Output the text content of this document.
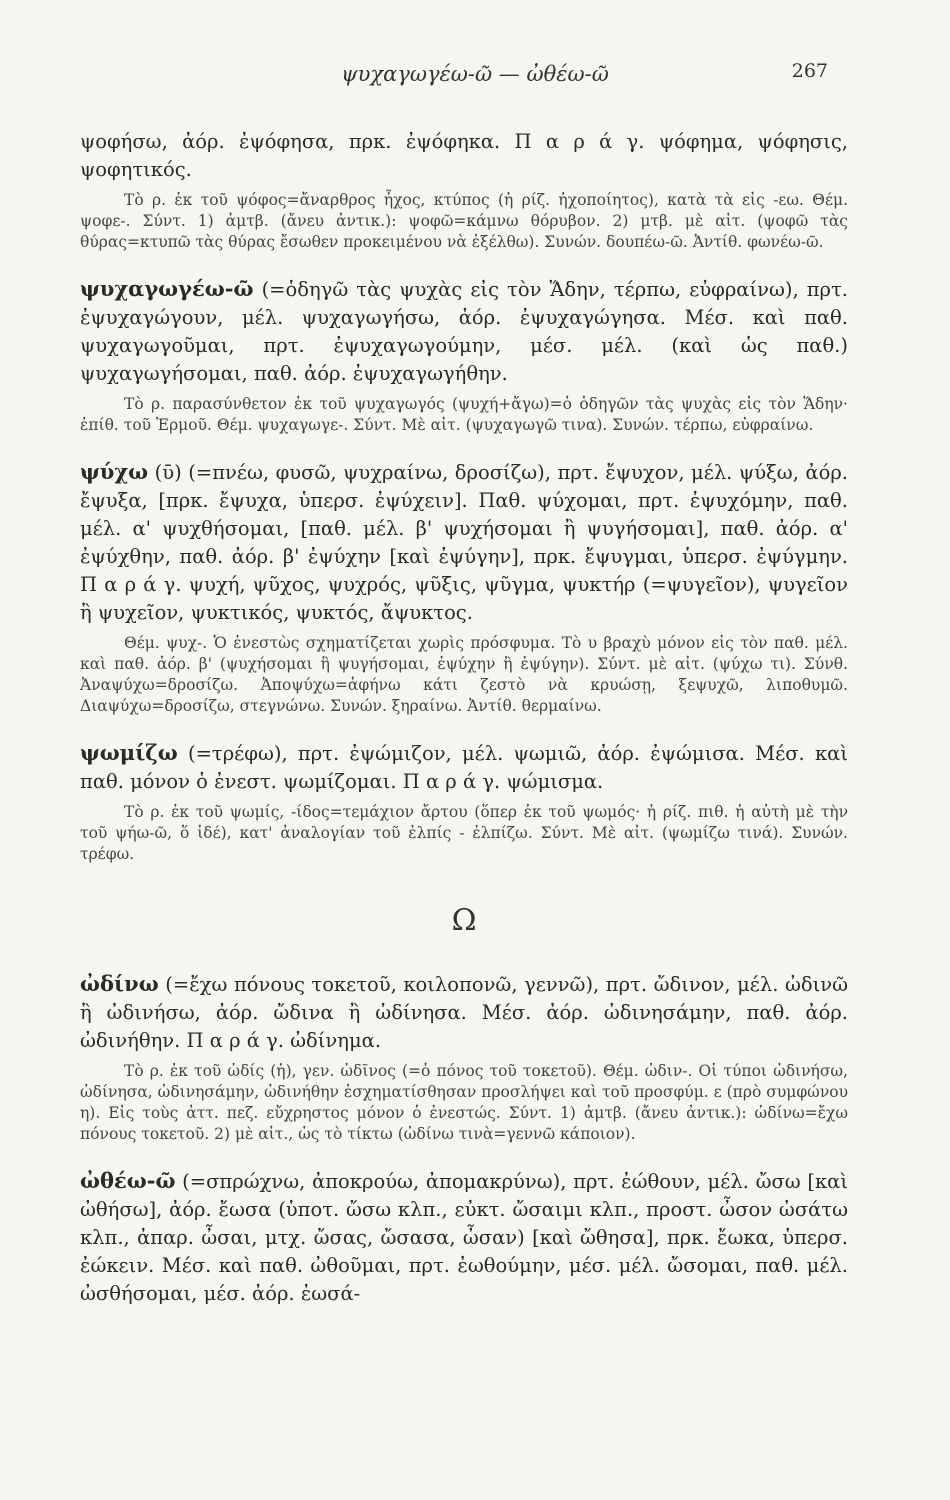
ψυχαγωγέω-ῶ — ὠθέω-ῶ	267

ψοφήσω, ἀόρ. ἐψόφησα, πρκ. ἐψόφηκα. Π α ρ ά γ. ψόφημα, ψόφησις, ψοφητικός.

Τὸ ρ. ἐκ τοῦ ψόφος=ἄναρθρος ἦχος, κτύπος (ἡ ρίζ. ἠχοποίητος), κατὰ τὰ εἰς -εω. Θέμ. ψοφε-. Σύντ. 1) ἀμτβ. (ἄνευ ἀντικ.): ψοφῶ=κάμνω θόρυβον. 2) μτβ. μὲ αἰτ. (ψοφῶ τὰς θύρας=κτυπῶ τὰς θύρας ἔσωθεν προκειμένου νὰ ἐξέλθω). Συνών. δουπέω-ῶ. Ἀντίθ. φωνέω-ῶ.

ψυχαγωγέω-ῶ (=ὁδηγῶ τὰς ψυχὰς εἰς τὸν Ἅδην, τέρπω, εὐφραίνω), πρτ. ἐψυχαγώγουν, μέλ. ψυχαγωγήσω, ἀόρ. ἐψυχαγώγησα. Μέσ. καὶ παθ. ψυχαγωγοῦμαι, πρτ. ἐψυχαγωγούμην, μέσ. μέλ. (καὶ ὡς παθ.) ψυχαγωγήσομαι, παθ. ἀόρ. ἐψυχαγωγήθην.

Τὸ ρ. παρασύνθετον ἐκ τοῦ ψυχαγωγός (ψυχή+ἄγω)=ὁ ὁδηγῶν τὰς ψυχὰς εἰς τὸν Ἅδην· ἐπίθ. τοῦ Ἑρμοῦ. Θέμ. ψυχαγωγε-. Σύντ. Μὲ αἰτ. (ψυχαγωγῶ τινα). Συνών. τέρπω, εὐφραίνω.

ψύχω (ῡ) (=πνέω, φυσῶ, ψυχραίνω, δροσίζω), πρτ. ἔψυχον, μέλ. ψύξω, ἀόρ. ἔψυξα, [πρκ. ἔψυχα, ὑπερσ. ἐψύχειν]. Παθ. ψύχομαι, πρτ. ἐψυχόμην, παθ. μέλ. α' ψυχθήσομαι, [παθ. μέλ. β' ψυχήσομαι ἢ ψυγήσομαι], παθ. ἀόρ. α' ἐψύχθην, παθ. ἀόρ. β' ἐψύχην [καὶ ἐψύγην], πρκ. ἔψυγμαι, ὑπερσ. ἐψύγμην. Π α ρ ά γ. ψυχή, ψῦχος, ψυχρός, ψῦξις, ψῦγμα, ψυκτήρ (=ψυγεῖον), ψυγεῖον ἢ ψυχεῖον, ψυκτικός, ψυκτός, ἄψυκτος.

Θέμ. ψυχ-. Ὁ ἐνεστὼς σχηματίζεται χωρὶς πρόσφυμα. Τὸ υ βραχὺ μόνον εἰς τὸν παθ. μέλ. καὶ παθ. ἀόρ. β' (ψυχήσομαι ἢ ψυγήσομαι, ἐψύχην ἢ ἐψύγην). Σύντ. μὲ αἰτ. (ψύχω τι). Σύνθ. Ἀναψύχω=δροσίζω. Ἀποψύχω=ἀφήνω κάτι ζεστὸ νὰ κρυώσῃ, ξεψυχῶ, λιποθυμῶ. Διαψύχω=δροσίζω, στεγνώνω. Συνών. ξηραίνω. Ἀντίθ. θερμαίνω.

ψωμίζω (=τρέφω), πρτ. ἐψώμιζον, μέλ. ψωμιῶ, ἀόρ. ἐψώμισα. Μέσ. καὶ παθ. μόνον ὁ ἐνεστ. ψωμίζομαι. Π α ρ ά γ. ψώμισμα.

Τὸ ρ. ἐκ τοῦ ψωμίς, -ίδος=τεμάχιον ἄρτου (ὅπερ ἐκ τοῦ ψωμός· ἡ ρίζ. πιθ. ἡ αὐτὴ μὲ τὴν τοῦ ψήω-ῶ, ὅ ἰδέ), κατ' ἀναλογίαν τοῦ ἐλπίς - ἐλπίζω. Σύντ. Μὲ αἰτ. (ψωμίζω τινά). Συνών. τρέφω.

Ω

ὠδίνω (=ἔχω πόνους τοκετοῦ, κοιλοπονῶ, γεννῶ), πρτ. ὤδινον, μέλ. ὠδινῶ ἢ ὠδινήσω, ἀόρ. ὤδινα ἢ ὠδίνησα. Μέσ. ἀόρ. ὠδινησάμην, παθ. ἀόρ. ὠδινήθην. Π α ρ ά γ. ὠδίνημα.

Τὸ ρ. ἐκ τοῦ ὠδίς (ἡ), γεν. ὠδῖνος (=ὁ πόνος τοῦ τοκετοῦ). Θέμ. ὠδιν-. Οἱ τύποι ὠδινήσω, ὠδίνησα, ὠδινησάμην, ὠδινήθην ἐσχηματίσθησαν προσλήψει καὶ τοῦ προσφύμ. ε (πρὸ συμφώνου η). Εἰς τοὺς ἀττ. πεζ. εὔχρηστος μόνον ὁ ἐνεστώς. Σύντ. 1) ἀμτβ. (ἄνευ ἀντικ.): ὠδίνω=ἔχω πόνους τοκετοῦ. 2) μὲ αἰτ., ὡς τὸ τίκτω (ὠδίνω τινὰ=γεννῶ κάποιον).

ὠθέω-ῶ (=σπρώχνω, ἀποκρούω, ἀπομακρύνω), πρτ. ἐώθουν, μέλ. ὤσω [καὶ ὠθήσω], ἀόρ. ἔωσα (ὑποτ. ὤσω κλπ., εὐκτ. ὤσαιμι κλπ., προστ. ὦσον ὠσάτω κλπ., ἀπαρ. ὦσαι, μτχ. ὤσας, ὤσασα, ὦσαν) [καὶ ὤθησα], πρκ. ἔωκα, ὑπερσ. ἐώκειν. Μέσ. καὶ παθ. ὠθοῦμαι, πρτ. ἐωθούμην, μέσ. μέλ. ὤσομαι, παθ. μέλ. ὠσθήσομαι, μέσ. ἀόρ. ἐωσά-
